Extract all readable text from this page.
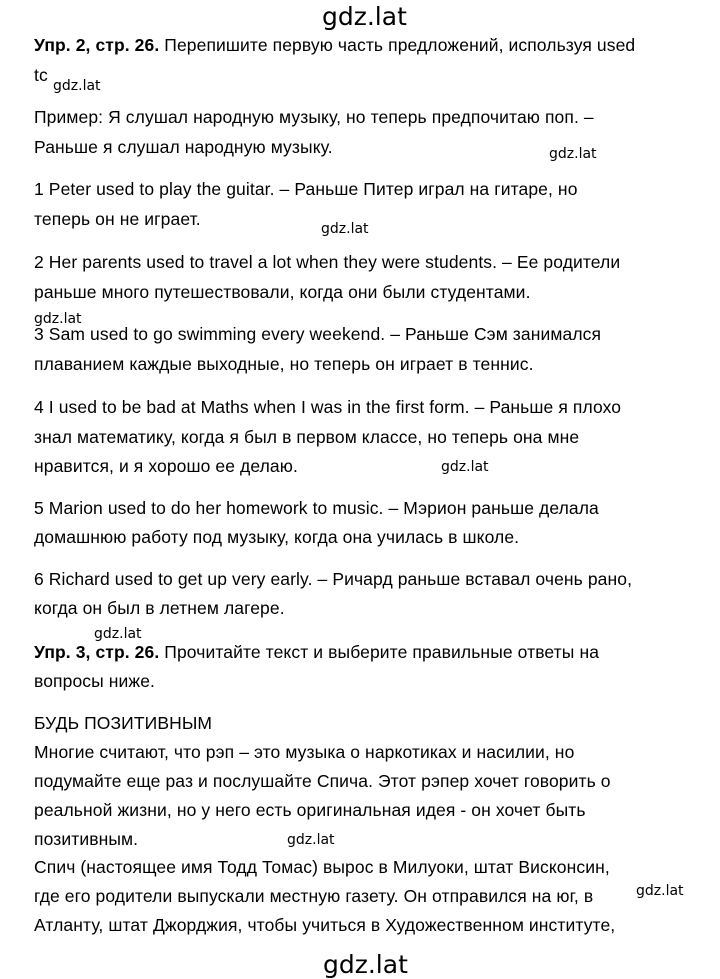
gdz.lat
gdz.lat
gdz.lat
gdz.lat
gdz.lat
gdz.lat
gdz.lat
gdz.lat
gdz.lat
gdz.lat
Упр. 2, стр. 26. Перепишите первую часть предложений, используя used
tc
Пример: Я слушал народную музыку, но теперь предпочитаю поп. –
Раньше я слушал народную музыку.
1 Peter used to play the guitar. – Раньше Питер играл на гитаре, но
теперь он не играет.
2 Her parents used to travel a lot when they were students. – Ее родители
раньше много путешествовали, когда они были студентами.
3 Sam used to go swimming every weekend. – Раньше Сэм занимался
плаванием каждые выходные, но теперь он играет в теннис.
4 I used to be bad at Maths when I was in the first form. – Раньше я плохо
знал математику, когда я был в первом классе, но теперь она мне
нравится, и я хорошо ее делаю.
5 Marion used to do her homework to music. – Мэрион раньше делала
домашнюю работу под музыку, когда она училась в школе.
6 Richard used to get up very early. – Ричард раньше вставал очень рано,
когда он был в летнем лагере.
Упр. 3, стр. 26. Прочитайте текст и выберите правильные ответы на
вопросы ниже.
БУДЬ ПОЗИТИВНЫМ
Многие считают, что рэп – это музыка о наркотиках и насилии, но
подумайте еще раз и послушайте Спича. Этот рэпер хочет говорить о
реальной жизни, но у него есть оригинальная идея - он хочет быть
позитивным.
Спич (настоящее имя Тодд Томас) вырос в Милуоки, штат Висконсин,
где его родители выпускали местную газету. Он отправился на юг, в
Атланту, штат Джорджия, чтобы учиться в Художественном институте,
